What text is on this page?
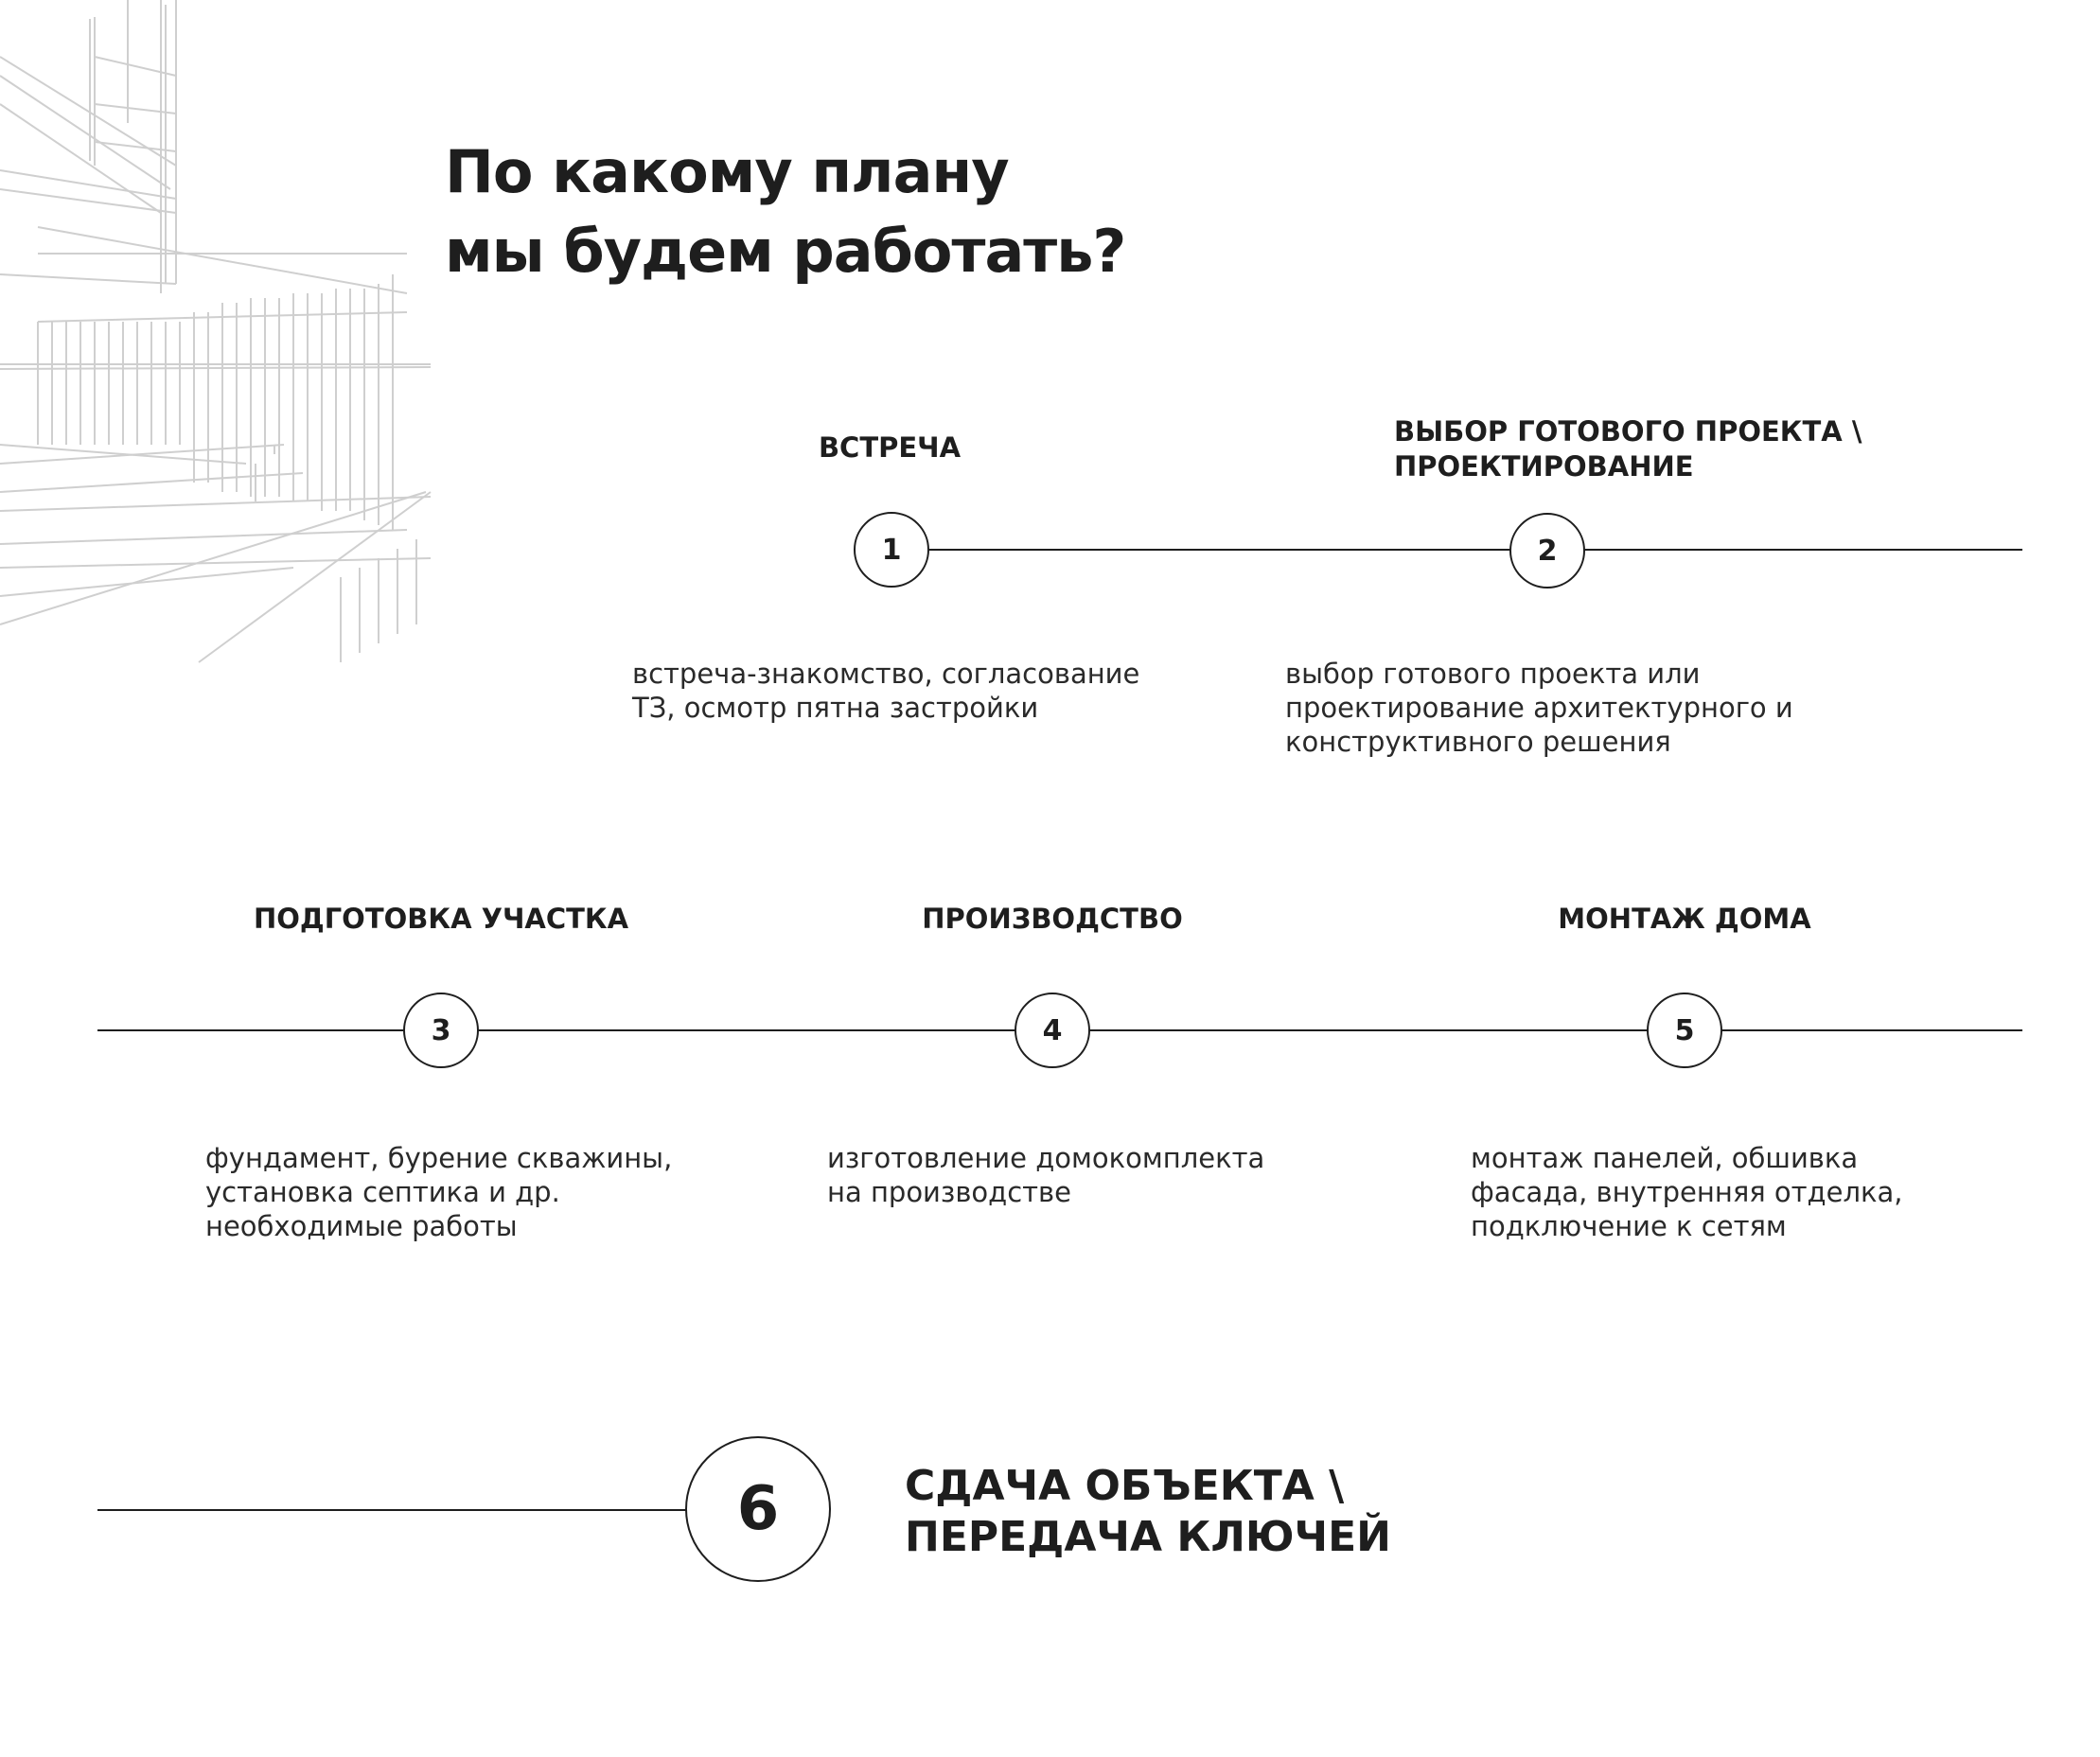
По какому плану
мы будем работать?
ВСТРЕЧА
1

встреча-знакомство, согласование
ТЗ, осмотр пятна застройки

ВЫБОР ГОТОВОГО ПРОЕКТА \
ПРОЕКТИРОВАНИЕ
2

выбор готового проекта или
проектирование архитектурного и
конструктивного решения

ПОДГОТОВКА УЧАСТКА
3

фундамент, бурение скважины,
установка септика и др.
необходимые работы

ПРОИЗВОДСТВО
4

изготовление домокомплекта
на производстве

МОНТАЖ ДОМА
5

монтаж панелей, обшивка
фасада, внутренняя отделка,
подключение к сетям

6	СДАЧА ОБЪЕКТА \
ПЕРЕДАЧА КЛЮЧЕЙ
